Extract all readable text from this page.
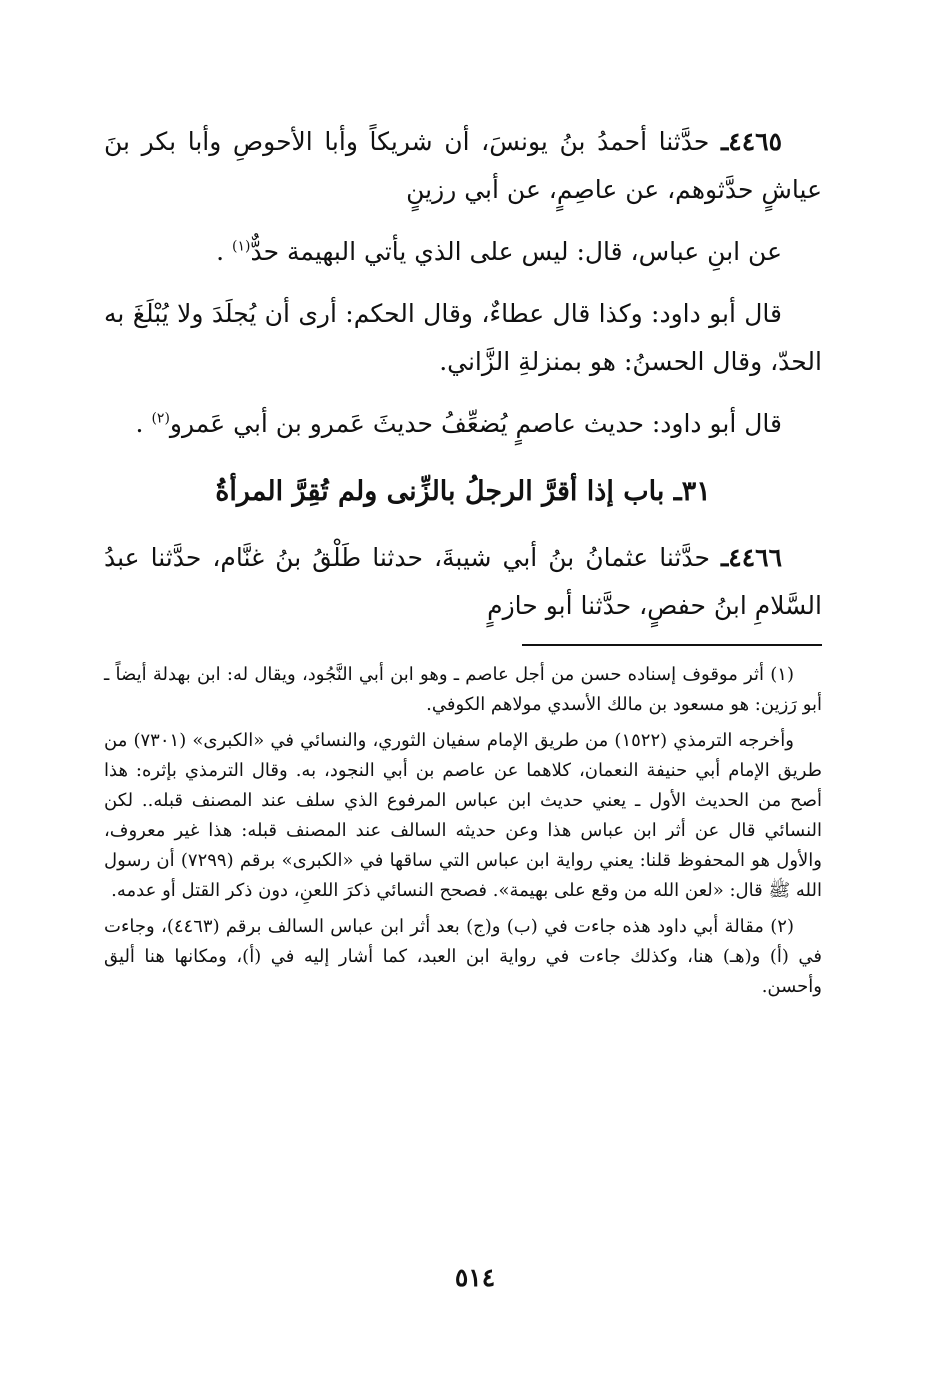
٤٤٦٥ـ حدَّثنا أحمدُ بنُ يونسَ، أن شريكاً وأبا الأحوصِ وأبا بكر بنَ عياشٍ حدَّثوهم، عن عاصِمٍ، عن أبي رزينٍ

عن ابنِ عباس، قال: ليس على الذي يأتي البهيمة حدٌّ$^{(١)}$ .

قال أبو داود: وكذا قال عطاءٌ، وقال الحكم: أرى أن يُجلَدَ ولا يُبْلَغَ به الحدّ، وقال الحسنُ: هو بمنزلةِ الزَّاني.

قال أبو داود: حديث عاصمٍ يُضعِّفُ حديثَ عَمرو بن أبي عَمرو$^{(٢)}$ .

٣١ـ باب إذا أقرَّ الرجلُ بالزِّنى ولم تُقِرَّ المرأةُ

٤٤٦٦ـ حدَّثنا عثمانُ بنُ أبي شيبةَ، حدثنا طَلْقُ بنُ غنَّام، حدَّثنا عبدُ السَّلامِ ابنُ حفصٍ، حدَّثنا أبو حازمٍ

(١) أثر موقوف إسناده حسن من أجل عاصم ـ وهو ابن أبي النَّجُود، ويقال له: ابن بهدلة أيضاً ـ أبو رَزين: هو مسعود بن مالك الأسدي مولاهم الكوفي.

وأخرجه الترمذي (١٥٢٢) من طريق الإمام سفيان الثوري، والنسائي في «الكبرى» (٧٣٠١) من طريق الإمام أبي حنيفة النعمان، كلاهما عن عاصم بن أبي النجود، به. وقال الترمذي بإثره: هذا أصح من الحديث الأول ـ يعني حديث ابن عباس المرفوع الذي سلف عند المصنف قبله.. لكن النسائي قال عن أثر ابن عباس هذا وعن حديثه السالف عند المصنف قبله: هذا غير معروف، والأول هو المحفوظ قلنا: يعني رواية ابن عباس التي ساقها في «الكبرى» برقم (٧٢٩٩) أن رسول الله ﷺ قال: «لعن الله من وقع على بهيمة». فصحح النسائي ذكرَ اللعنِ، دون ذكر القتل أو عدمه.

(٢) مقالة أبي داود هذه جاءت في (ب) و(ج) بعد أثر ابن عباس السالف برقم (٤٤٦٣)، وجاءت في (أ) و(هـ) هنا، وكذلك جاءت في رواية ابن العبد، كما أشار إليه في (أ)، ومكانها هنا أليق وأحسن.

٥١٤
